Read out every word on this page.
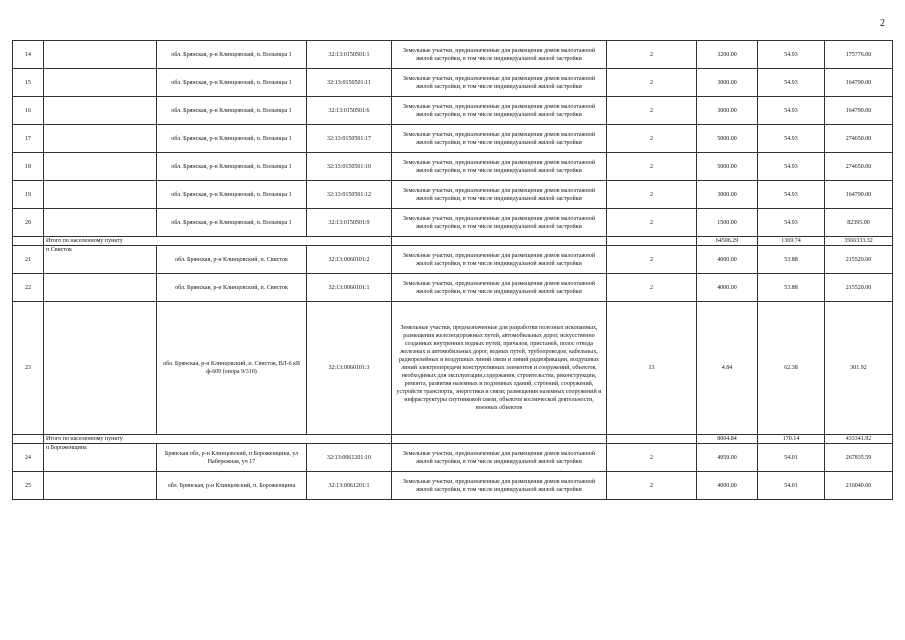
2
14		обл. Брянская, р-н Клинцовский, п. Волынцы 1	32:13:0150501:1	Земельные участки, предназначенные для размещения домов малоэтажной жилой застройки, в том числе индивидуальной жилой застройки	2	3200.00	54.93	175776.00
15		обл. Брянская, р-н Клинцовский, п. Волынцы 1	32:13:0150501:11	Земельные участки, предназначенные для размещения домов малоэтажной жилой застройки, в том числе индивидуальной жилой застройки	2	3000.00	54.93	164790.00
16		обл. Брянская, р-н Клинцовский, п. Волынцы 1	32:13:0150501:6	Земельные участки, предназначенные для размещения домов малоэтажной жилой застройки, в том числе индивидуальной жилой застройки	2	3000.00	54.93	164790.00
17		обл. Брянская, р-н Клинцовский, п. Волынцы 1	32:13:0150501:17	Земельные участки, предназначенные для размещения домов малоэтажной жилой застройки, в том числе индивидуальной жилой застройки	2	5000.00	54.93	274650.00
18		обл. Брянская, р-н Клинцовский, п. Волынцы 1	32:13:0150501:10	Земельные участки, предназначенные для размещения домов малоэтажной жилой застройки, в том числе индивидуальной жилой застройки	2	5000.00	54.93	274650.00
19		обл. Брянская, р-н Клинцовский, п. Волынцы 1	32:13:0150501:12	Земельные участки, предназначенные для размещения домов малоэтажной жилой застройки, в том числе индивидуальной жилой застройки	2	3000.00	54.93	164790.00
20		обл. Брянская, р-н Клинцовский, п. Волынцы 1	32:13:0150501:9	Земельные участки, предназначенные для размещения домов малоэтажной жилой застройки, в том числе индивидуальной жилой застройки	2	1500.00	54.93	82395.00
	Итого по населенному пункту					64506.29	1369.74	3566333.32
21	п Свисток	обл. Брянская, р-н Клинцовский, п. Свисток	32:13:0060101:2	Земельные участки, предназначенные для размещения домов малоэтажной жилой застройки, в том числе индивидуальной жилой застройки	2	4000.00	53.88	215520.00
22		обл. Брянская, р-н Клинцовский, п. Свисток	32:13:0060101:1	Земельные участки, предназначенные для размещения домов малоэтажной жилой застройки, в том числе индивидуальной жилой застройки	2	4000.00	53.88	215520.00
23		обл. Брянская, р-н Клинцовский, п. Свисток, ВЛ-6 кВ ф-609 (опора 9/310)	32:13:0060101:3	Земельные участки, предназначенные для разработки полезных ископаемых, размещения железнодорожных путей, автомобильных дорог, искусственно созданных внутренних водных путей, причалов, пристаней, полос отвода железных и автомобильных дорог, водных путей, трубопроводов, кабельных, радиорелейных и воздушных линий связи и линий радиофикации, воздушных линий электропередачи конструктивных элементов и сооружений, объектов, необходимых для эксплуатации,содержания, строительства, реконструкции, ремонта, развития наземных и подземных зданий, строений, сооружений, устройств транспорта, энергетики и связи; размещения наземных сооружений и инфраструктуры спутниковой связи, объектов космической деятельности, военных объектов	13	4.84	62.38	301.92
	Итого по населенному пункту					8004.84	170.14	433341.92
24	п Бороженщина	Брянская обл, р-н Клинцовский, п Бороженщина, ул Набережная, уч 17	32:13:0061201:10	Земельные участки, предназначенные для размещения домов малоэтажной жилой застройки, в том числе индивидуальной жилой застройки	2	4959.00	54.01	267835.59
25		обл. Брянская, р-н Клинцовский, п. Бороженщина	32:13:0061201:1	Земельные участки, предназначенные для размещения домов малоэтажной жилой застройки, в том числе индивидуальной жилой застройки	2	4000.00	54.01	216040.00
